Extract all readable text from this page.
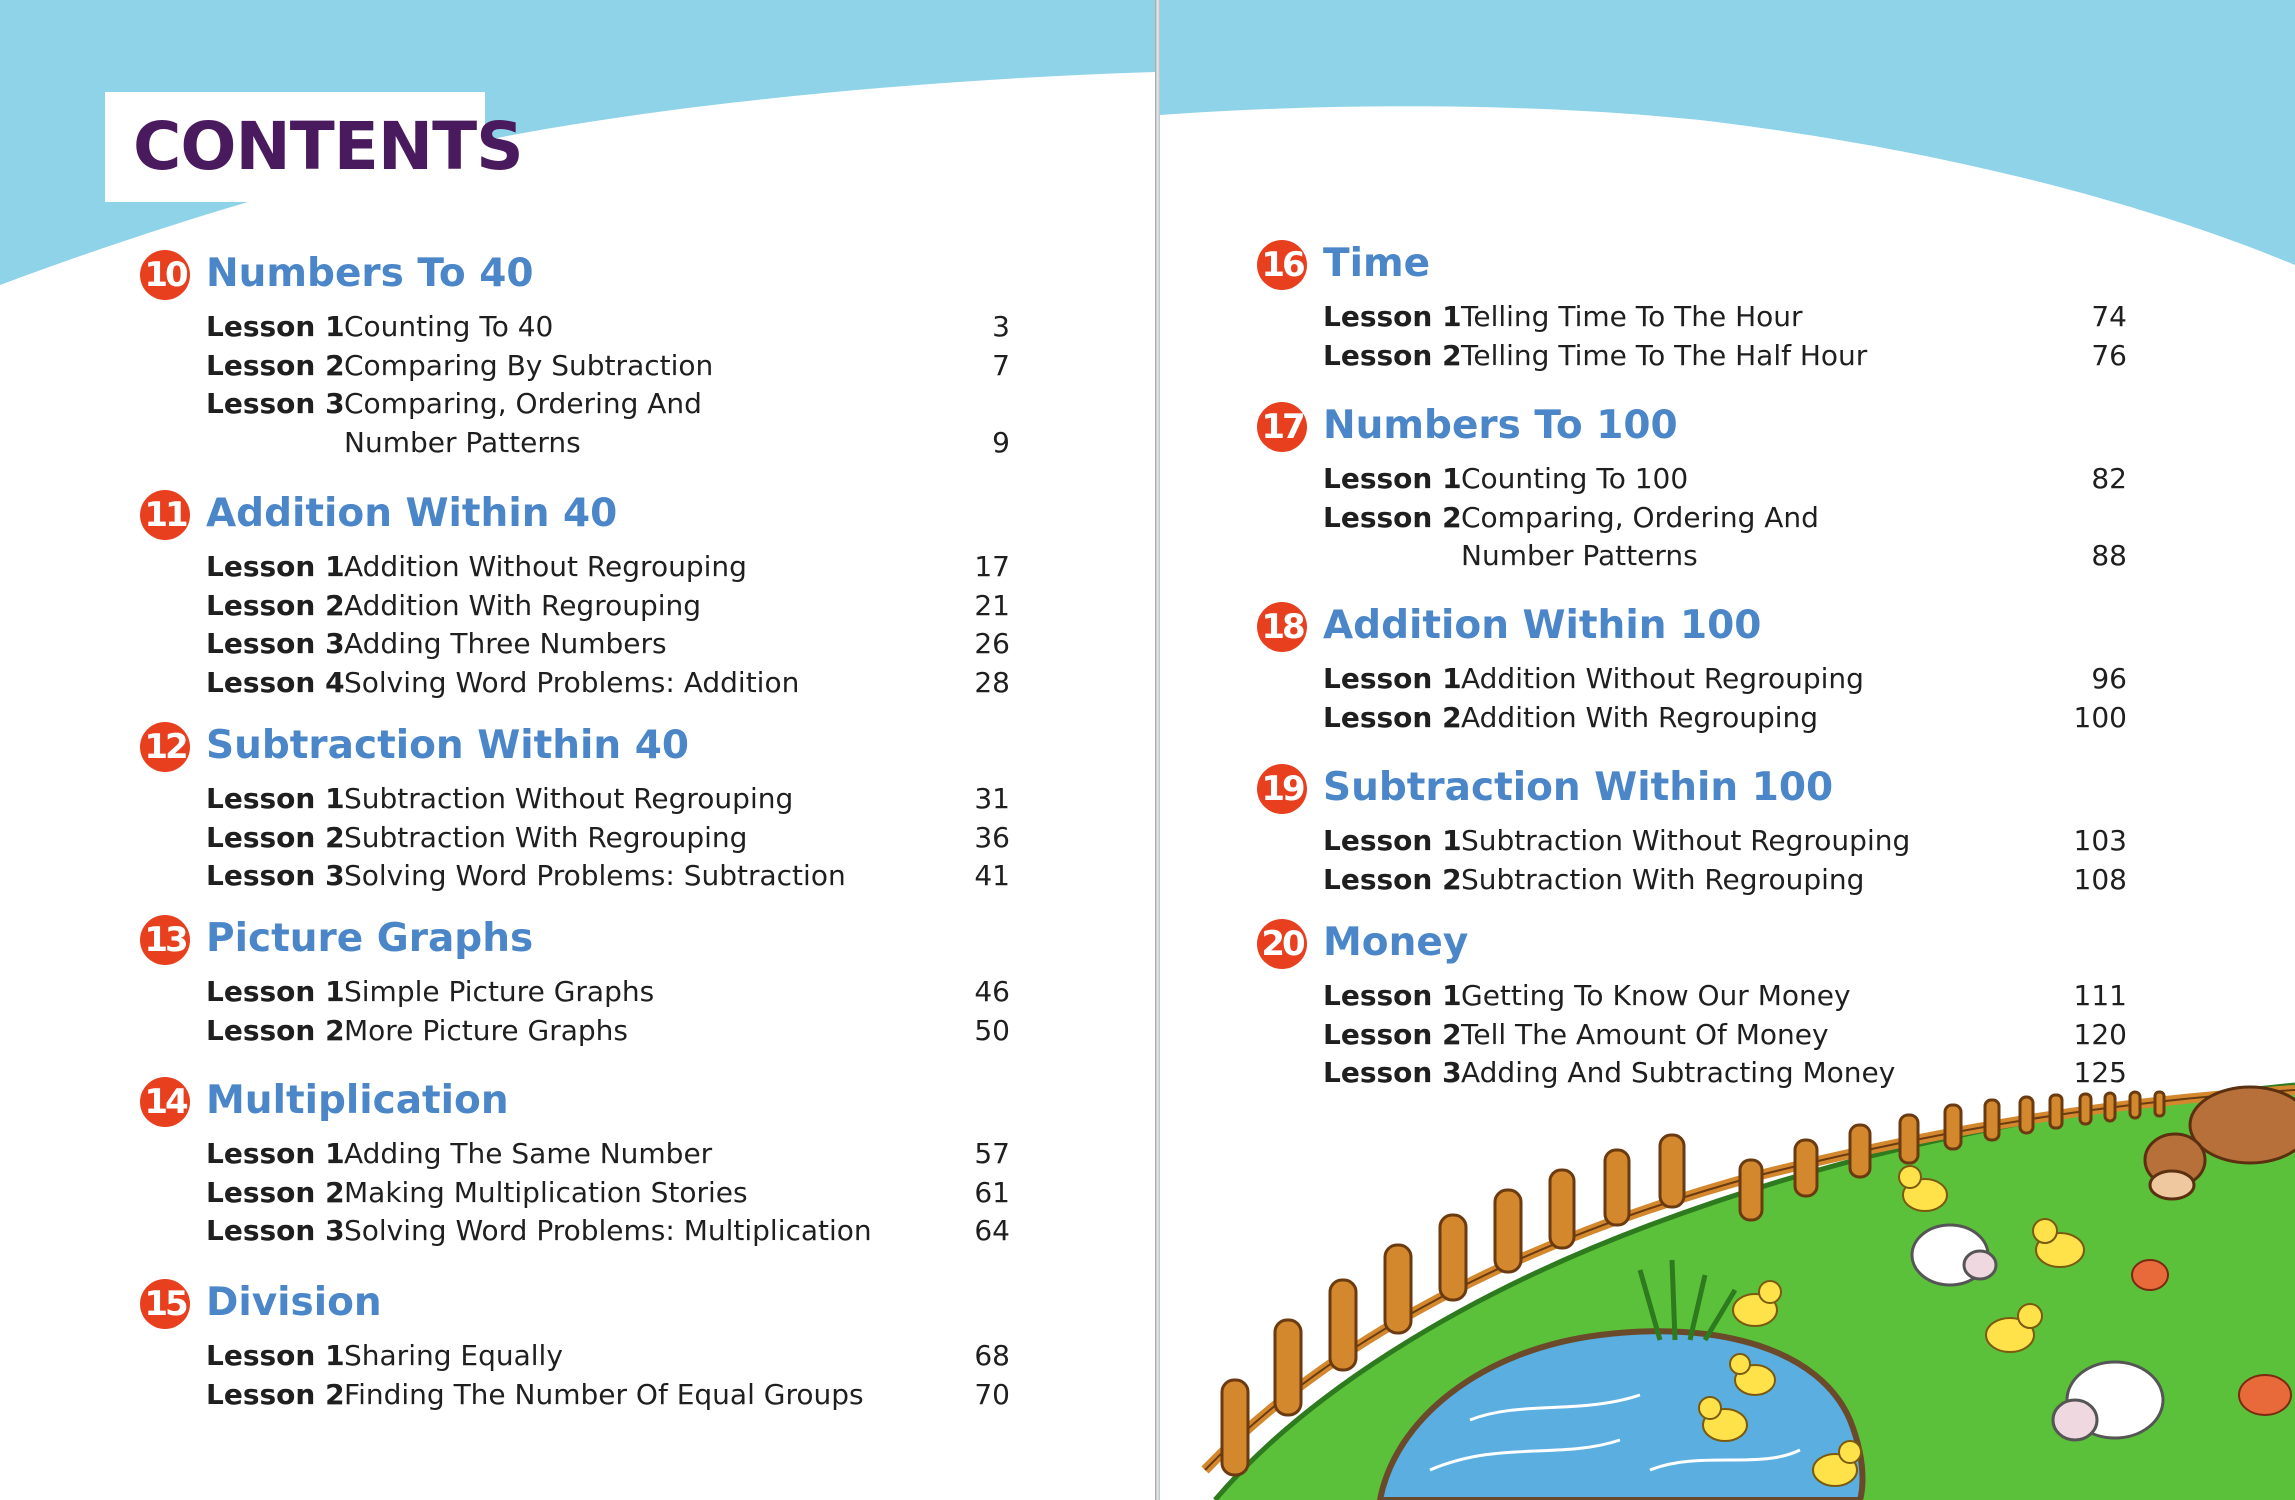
CONTENTS
10 Numbers To 40
Lesson 1 Counting To 40	3
Lesson 2 Comparing By Subtraction	7
Lesson 3 Comparing, Ordering And
Number Patterns	9
11 Addition Within 40
Lesson 1 Addition Without Regrouping	17
Lesson 2 Addition With Regrouping	21
Lesson 3 Adding Three Numbers	26
Lesson 4 Solving Word Problems: Addition	28
12 Subtraction Within 40
Lesson 1 Subtraction Without Regrouping	31
Lesson 2 Subtraction With Regrouping	36
Lesson 3 Solving Word Problems: Subtraction	41
13 Picture Graphs
Lesson 1 Simple Picture Graphs	46
Lesson 2 More Picture Graphs	50
14 Multiplication
Lesson 1 Adding The Same Number	57
Lesson 2 Making Multiplication Stories	61
Lesson 3 Solving Word Problems: Multiplication	64
15 Division
Lesson 1 Sharing Equally	68
Lesson 2 Finding The Number Of Equal Groups	70
16 Time
Lesson 1 Telling Time To The Hour	74
Lesson 2 Telling Time To The Half Hour	76
17 Numbers To 100
Lesson 1 Counting To 100	82
Lesson 2 Comparing, Ordering And
Number Patterns	88
18 Addition Within 100
Lesson 1 Addition Without Regrouping	96
Lesson 2 Addition With Regrouping	100
19 Subtraction Within 100
Lesson 1 Subtraction Without Regrouping	103
Lesson 2 Subtraction With Regrouping	108
20 Money
Lesson 1 Getting To Know Our Money	111
Lesson 2 Tell The Amount Of Money	120
Lesson 3 Adding And Subtracting Money	125
